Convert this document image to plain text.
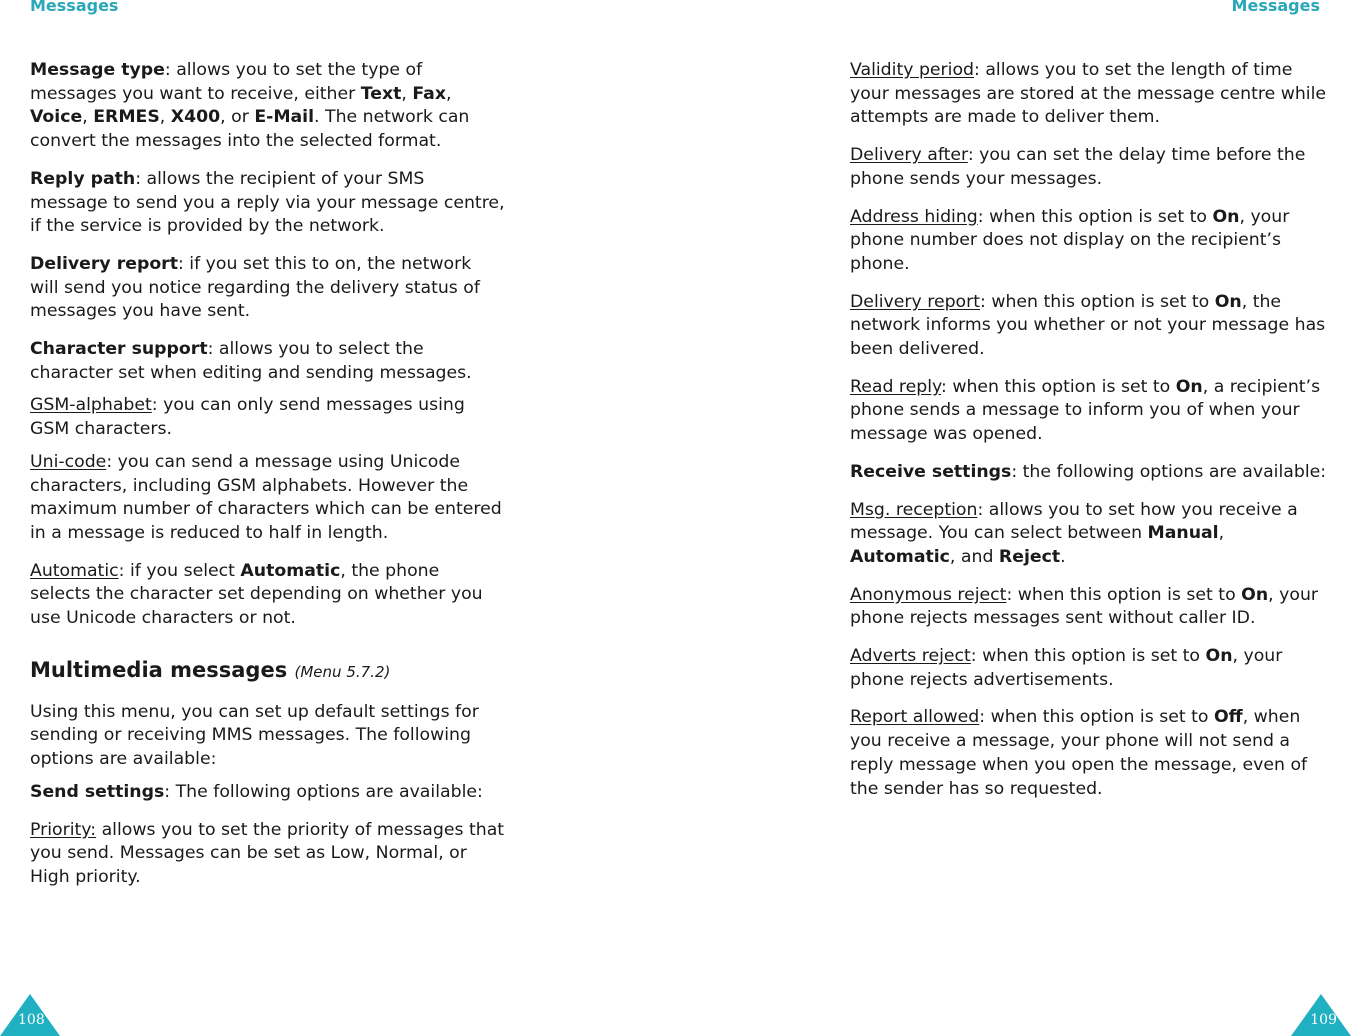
Messages	Messages

Message type: allows you to set the type of messages you want to receive, either Text, Fax, Voice, ERMES, X400, or E-Mail. The network can convert the messages into the selected format.

Reply path: allows the recipient of your SMS message to send you a reply via your message centre, if the service is provided by the network.

Delivery report: if you set this to on, the network will send you notice regarding the delivery status of messages you have sent.

Character support: allows you to select the character set when editing and sending messages.

GSM-alphabet: you can only send messages using GSM characters.

Uni-code: you can send a message using Unicode characters, including GSM alphabets. However the maximum number of characters which can be entered in a message is reduced to half in length.

Automatic: if you select Automatic, the phone selects the character set depending on whether you use Unicode characters or not.

Multimedia messages (Menu 5.7.2)

Using this menu, you can set up default settings for sending or receiving MMS messages. The following options are available:

Send settings: The following options are available:

Priority: allows you to set the priority of messages that you send. Messages can be set as Low, Normal, or High priority.

Validity period: allows you to set the length of time your messages are stored at the message centre while attempts are made to deliver them.

Delivery after: you can set the delay time before the phone sends your messages.

Address hiding: when this option is set to On, your phone number does not display on the recipient’s phone.

Delivery report: when this option is set to On, the network informs you whether or not your message has been delivered.

Read reply: when this option is set to On, a recipient’s phone sends a message to inform you of when your message was opened.

Receive settings: the following options are available:

Msg. reception: allows you to set how you receive a message. You can select between Manual, Automatic, and Reject.

Anonymous reject: when this option is set to On, your phone rejects messages sent without caller ID.

Adverts reject: when this option is set to On, your phone rejects advertisements.

Report allowed: when this option is set to Off, when you receive a message, your phone will not send a reply message when you open the message, even of the sender has so requested.

108	109
